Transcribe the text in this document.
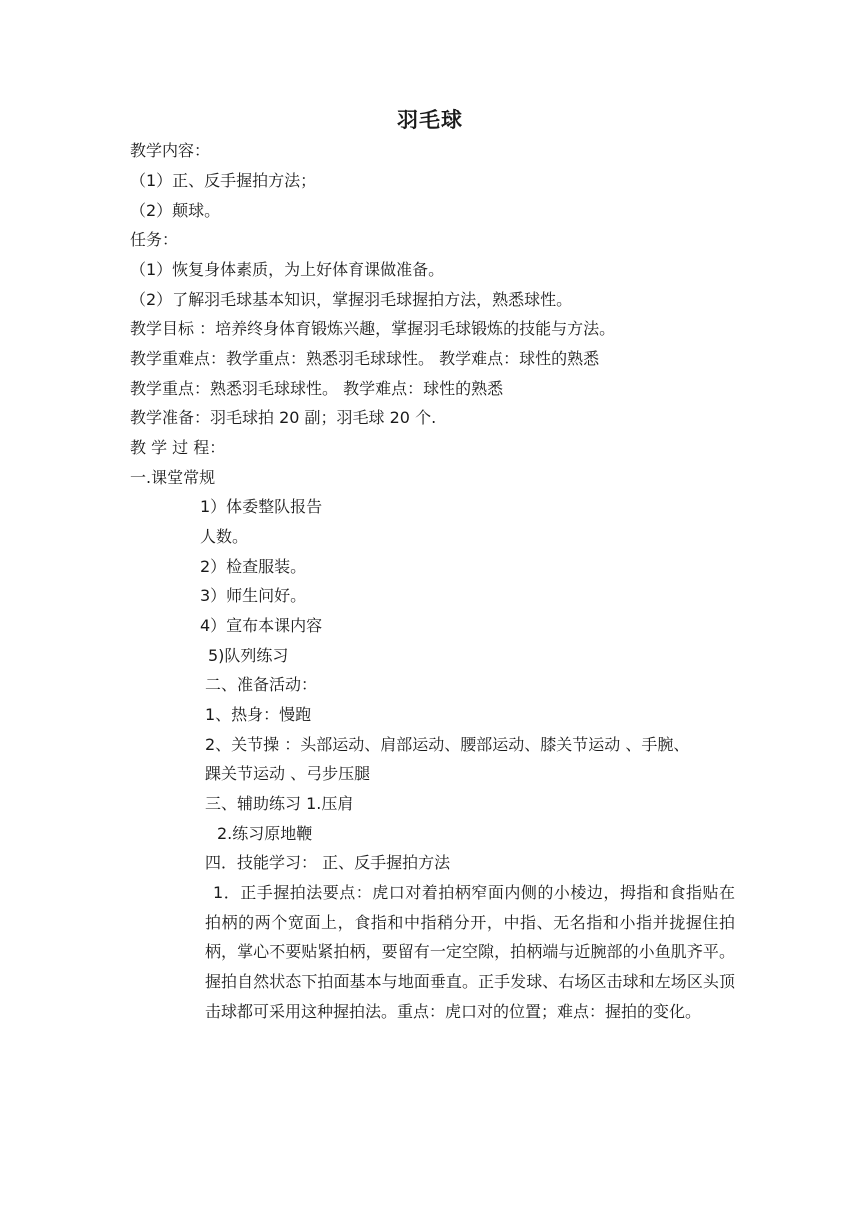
羽毛球
教学内容：
（1）正、反手握拍方法；
（2）颠球。
任务：
（1）恢复身体素质，为上好体育课做准备。
（2）了解羽毛球基本知识，掌握羽毛球握拍方法，熟悉球性。
教学目标 ：培养终身体育锻炼兴趣，掌握羽毛球锻炼的技能与方法。
教学重难点：教学重点：熟悉羽毛球球性。 教学难点：球性的熟悉
教学重点：熟悉羽毛球球性。 教学难点：球性的熟悉
教学准备：羽毛球拍 20 副；羽毛球 20 个.
教 学 过 程：
一.课堂常规
1）体委整队报告
人数。
2）检查服装。
3）师生问好。
4）宣布本课内容
5)队列练习
二、准备活动：
1、热身：慢跑
2、关节操 ：头部运动、肩部运动、腰部运动、膝关节运动 、手腕、
踝关节运动 、弓步压腿
三、辅助练习 1.压肩
2.练习原地鞭
四．技能学习： 正、反手握拍方法
1．正手握拍法要点：虎口对着拍柄窄面内侧的小棱边，拇指和食指贴在拍柄的两个宽面上，食指和中指稍分开，中指、无名指和小指并拢握住拍柄，掌心不要贴紧拍柄，要留有一定空隙，拍柄端与近腕部的小鱼肌齐平。握拍自然状态下拍面基本与地面垂直。正手发球、右场区击球和左场区头顶击球都可采用这种握拍法。重点：虎口对的位置；难点：握拍的变化。
